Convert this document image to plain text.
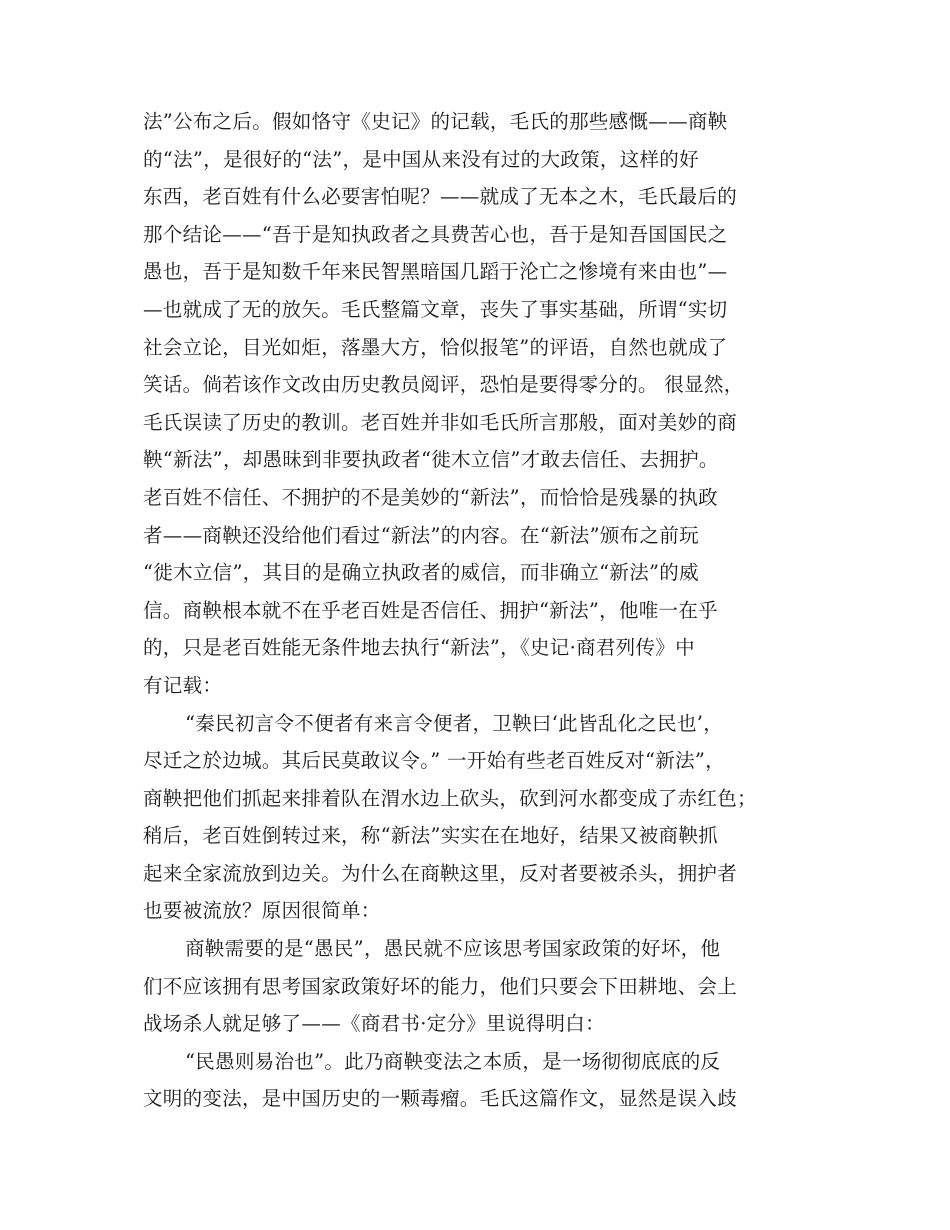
法”公布之后。假如恪守《史记》的记载，毛氏的那些感慨——商鞅
的“法”，是很好的“法”，是中国从来没有过的大政策，这样的好
东西，老百姓有什么必要害怕呢？——就成了无本之木，毛氏最后的
那个结论——“吾于是知执政者之具费苦心也，吾于是知吾国国民之
愚也，吾于是知数千年来民智黑暗国几蹈于沦亡之惨境有来由也”—
—也就成了无的放矢。毛氏整篇文章，丧失了事实基础，所谓“实切
社会立论，目光如炬，落墨大方，恰似报笔”的评语，自然也就成了
笑话。倘若该作文改由历史教员阅评，恐怕是要得零分的。 很显然，
毛氏误读了历史的教训。老百姓并非如毛氏所言那般，面对美妙的商
鞅“新法”，却愚昧到非要执政者“徙木立信”才敢去信任、去拥护。
老百姓不信任、不拥护的不是美妙的“新法”，而恰恰是残暴的执政
者——商鞅还没给他们看过“新法”的内容。在“新法”颁布之前玩
“徙木立信”，其目的是确立执政者的威信，而非确立“新法”的威
信。商鞅根本就不在乎老百姓是否信任、拥护“新法”，他唯一在乎
的，只是老百姓能无条件地去执行“新法”，《史记·商君列传》中
有记载：
“秦民初言令不便者有来言令便者，卫鞅曰‘此皆乱化之民也’，
尽迁之於边城。其后民莫敢议令。” 一开始有些老百姓反对“新法”，
商鞅把他们抓起来排着队在渭水边上砍头，砍到河水都变成了赤红色；
稍后，老百姓倒转过来，称“新法”实实在在地好，结果又被商鞅抓
起来全家流放到边关。为什么在商鞅这里，反对者要被杀头，拥护者
也要被流放？原因很简单：
商鞅需要的是“愚民”，愚民就不应该思考国家政策的好坏，他
们不应该拥有思考国家政策好坏的能力，他们只要会下田耕地、会上
战场杀人就足够了——《商君书·定分》里说得明白：
“民愚则易治也”。此乃商鞅变法之本质，是一场彻彻底底的反
文明的变法，是中国历史的一颗毒瘤。毛氏这篇作文，显然是误入歧
